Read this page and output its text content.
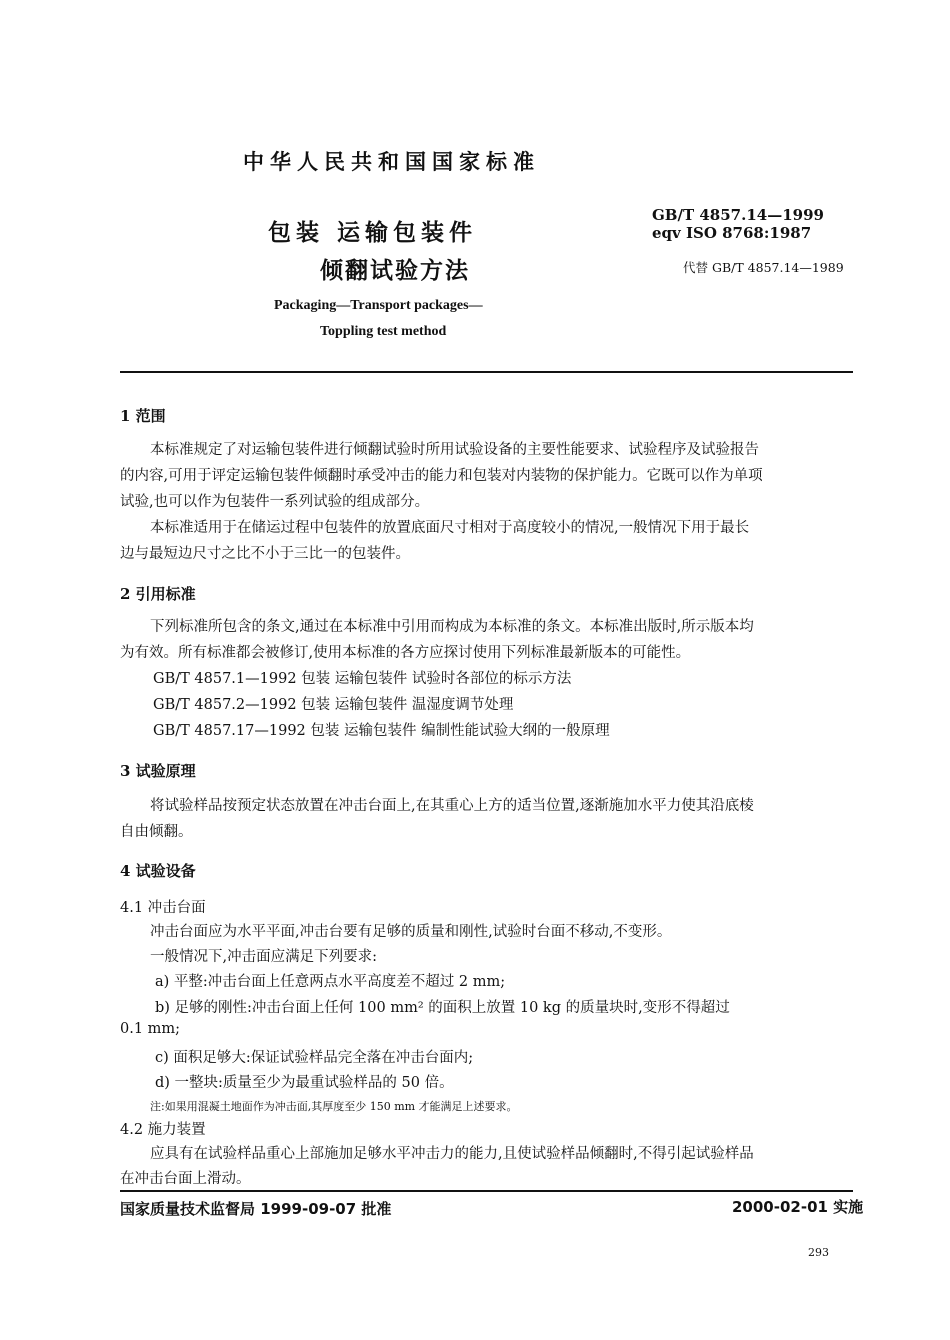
中华人民共和国国家标准
包装 运输包装件
倾翻试验方法
GB/T 4857.14—1999
eqv ISO 8768:1987
代替 GB/T 4857.14—1989
Packaging—Transport packages—
Toppling test method
1 范围
本标准规定了对运输包装件进行倾翻试验时所用试验设备的主要性能要求、试验程序及试验报告
的内容,可用于评定运输包装件倾翻时承受冲击的能力和包装对内装物的保护能力。它既可以作为单项
试验,也可以作为包装件一系列试验的组成部分。
本标准适用于在储运过程中包装件的放置底面尺寸相对于高度较小的情况,一般情况下用于最长
边与最短边尺寸之比不小于三比一的包装件。
2 引用标准
下列标准所包含的条文,通过在本标准中引用而构成为本标准的条文。本标准出版时,所示版本均
为有效。所有标准都会被修订,使用本标准的各方应探讨使用下列标准最新版本的可能性。
GB/T 4857.1—1992 包装 运输包装件 试验时各部位的标示方法
GB/T 4857.2—1992 包装 运输包装件 温湿度调节处理
GB/T 4857.17—1992 包装 运输包装件 编制性能试验大纲的一般原理
3 试验原理
将试验样品按预定状态放置在冲击台面上,在其重心上方的适当位置,逐渐施加水平力使其沿底棱
自由倾翻。
4 试验设备
4.1 冲击台面
冲击台面应为水平平面,冲击台要有足够的质量和刚性,试验时台面不移动,不变形。
一般情况下,冲击面应满足下列要求:
a) 平整:冲击台面上任意两点水平高度差不超过 2 mm;
b) 足够的刚性:冲击台面上任何 100 mm² 的面积上放置 10 kg 的质量块时,变形不得超过
0.1 mm;
c) 面积足够大:保证试验样品完全落在冲击台面内;
d) 一整块:质量至少为最重试验样品的 50 倍。
注:如果用混凝土地面作为冲击面,其厚度至少 150 mm 才能满足上述要求。
4.2 施力装置
应具有在试验样品重心上部施加足够水平冲击力的能力,且使试验样品倾翻时,不得引起试验样品
在冲击台面上滑动。
国家质量技术监督局 1999-09-07 批准	2000-02-01 实施
293
